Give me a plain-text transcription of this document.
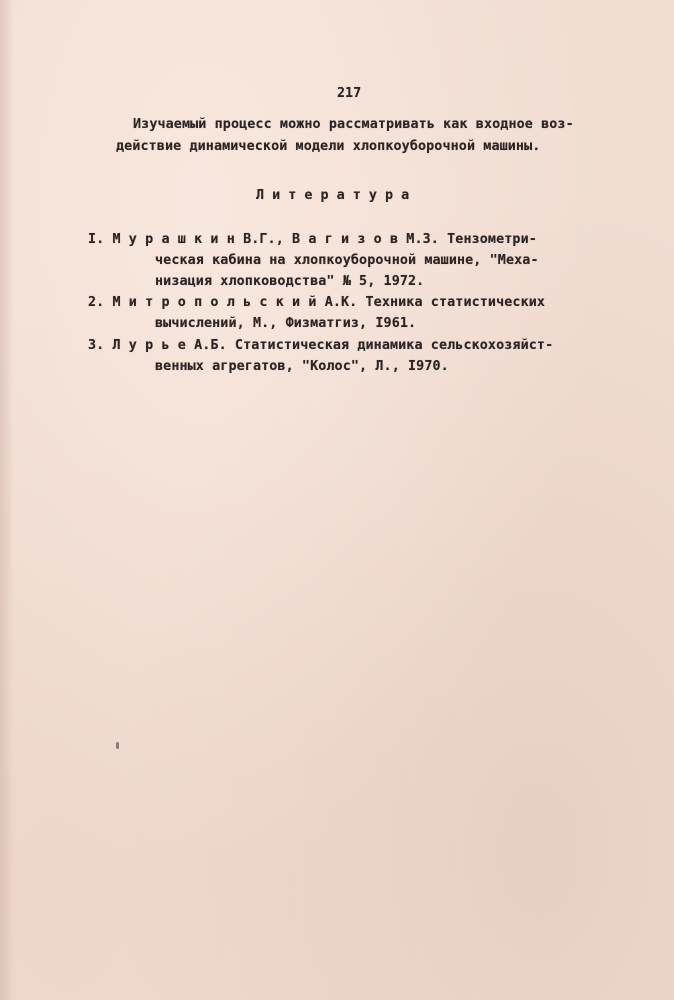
217
Изучаемый процесс можно рассматривать как входное воз-
действие динамической модели хлопкоуборочной машины.
Л и т е р а т у р а
I. М у р а ш к и н В.Г., В а г и з о в М.З. Тензометри-
ческая кабина на хлопкоуборочной машине, "Меха-
низация хлопководства" № 5, 1972.
2. М и т р о п о л ь с к и й А.К. Техника статистических
вычислений, М., Физматгиз, I961.
3. Л у р ь е А.Б. Статистическая динамика сельскохозяйст-
венных агрегатов, "Колос", Л., I970.
